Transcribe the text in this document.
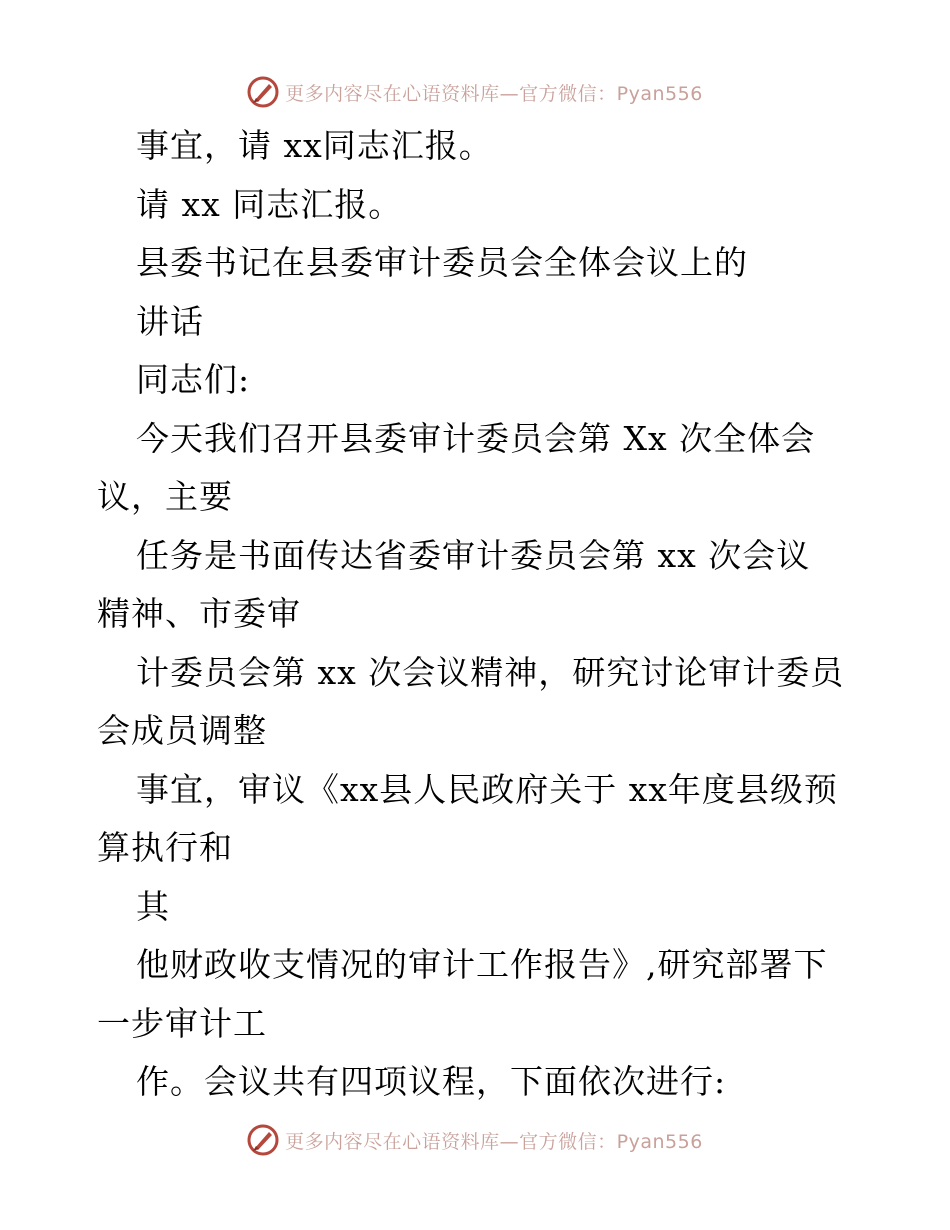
更多内容尽在心语资料库—官方微信：Pyan556
事宜，请 xx同志汇报。
请 xx 同志汇报。
县委书记在县委审计委员会全体会议上的
讲话
同志们:
今天我们召开县委审计委员会第 Xx 次全体会
议，主要
任务是书面传达省委审计委员会第 xx 次会议
精神、市委审
计委员会第 xx 次会议精神，研究讨论审计委员
会成员调整
事宜，审议《xx县人民政府关于 xx年度县级预
算执行和
其
他财政收支情况的审计工作报告》,研究部署下
一步审计工
作。会议共有四项议程，下面依次进行:
更多内容尽在心语资料库—官方微信：Pyan556
